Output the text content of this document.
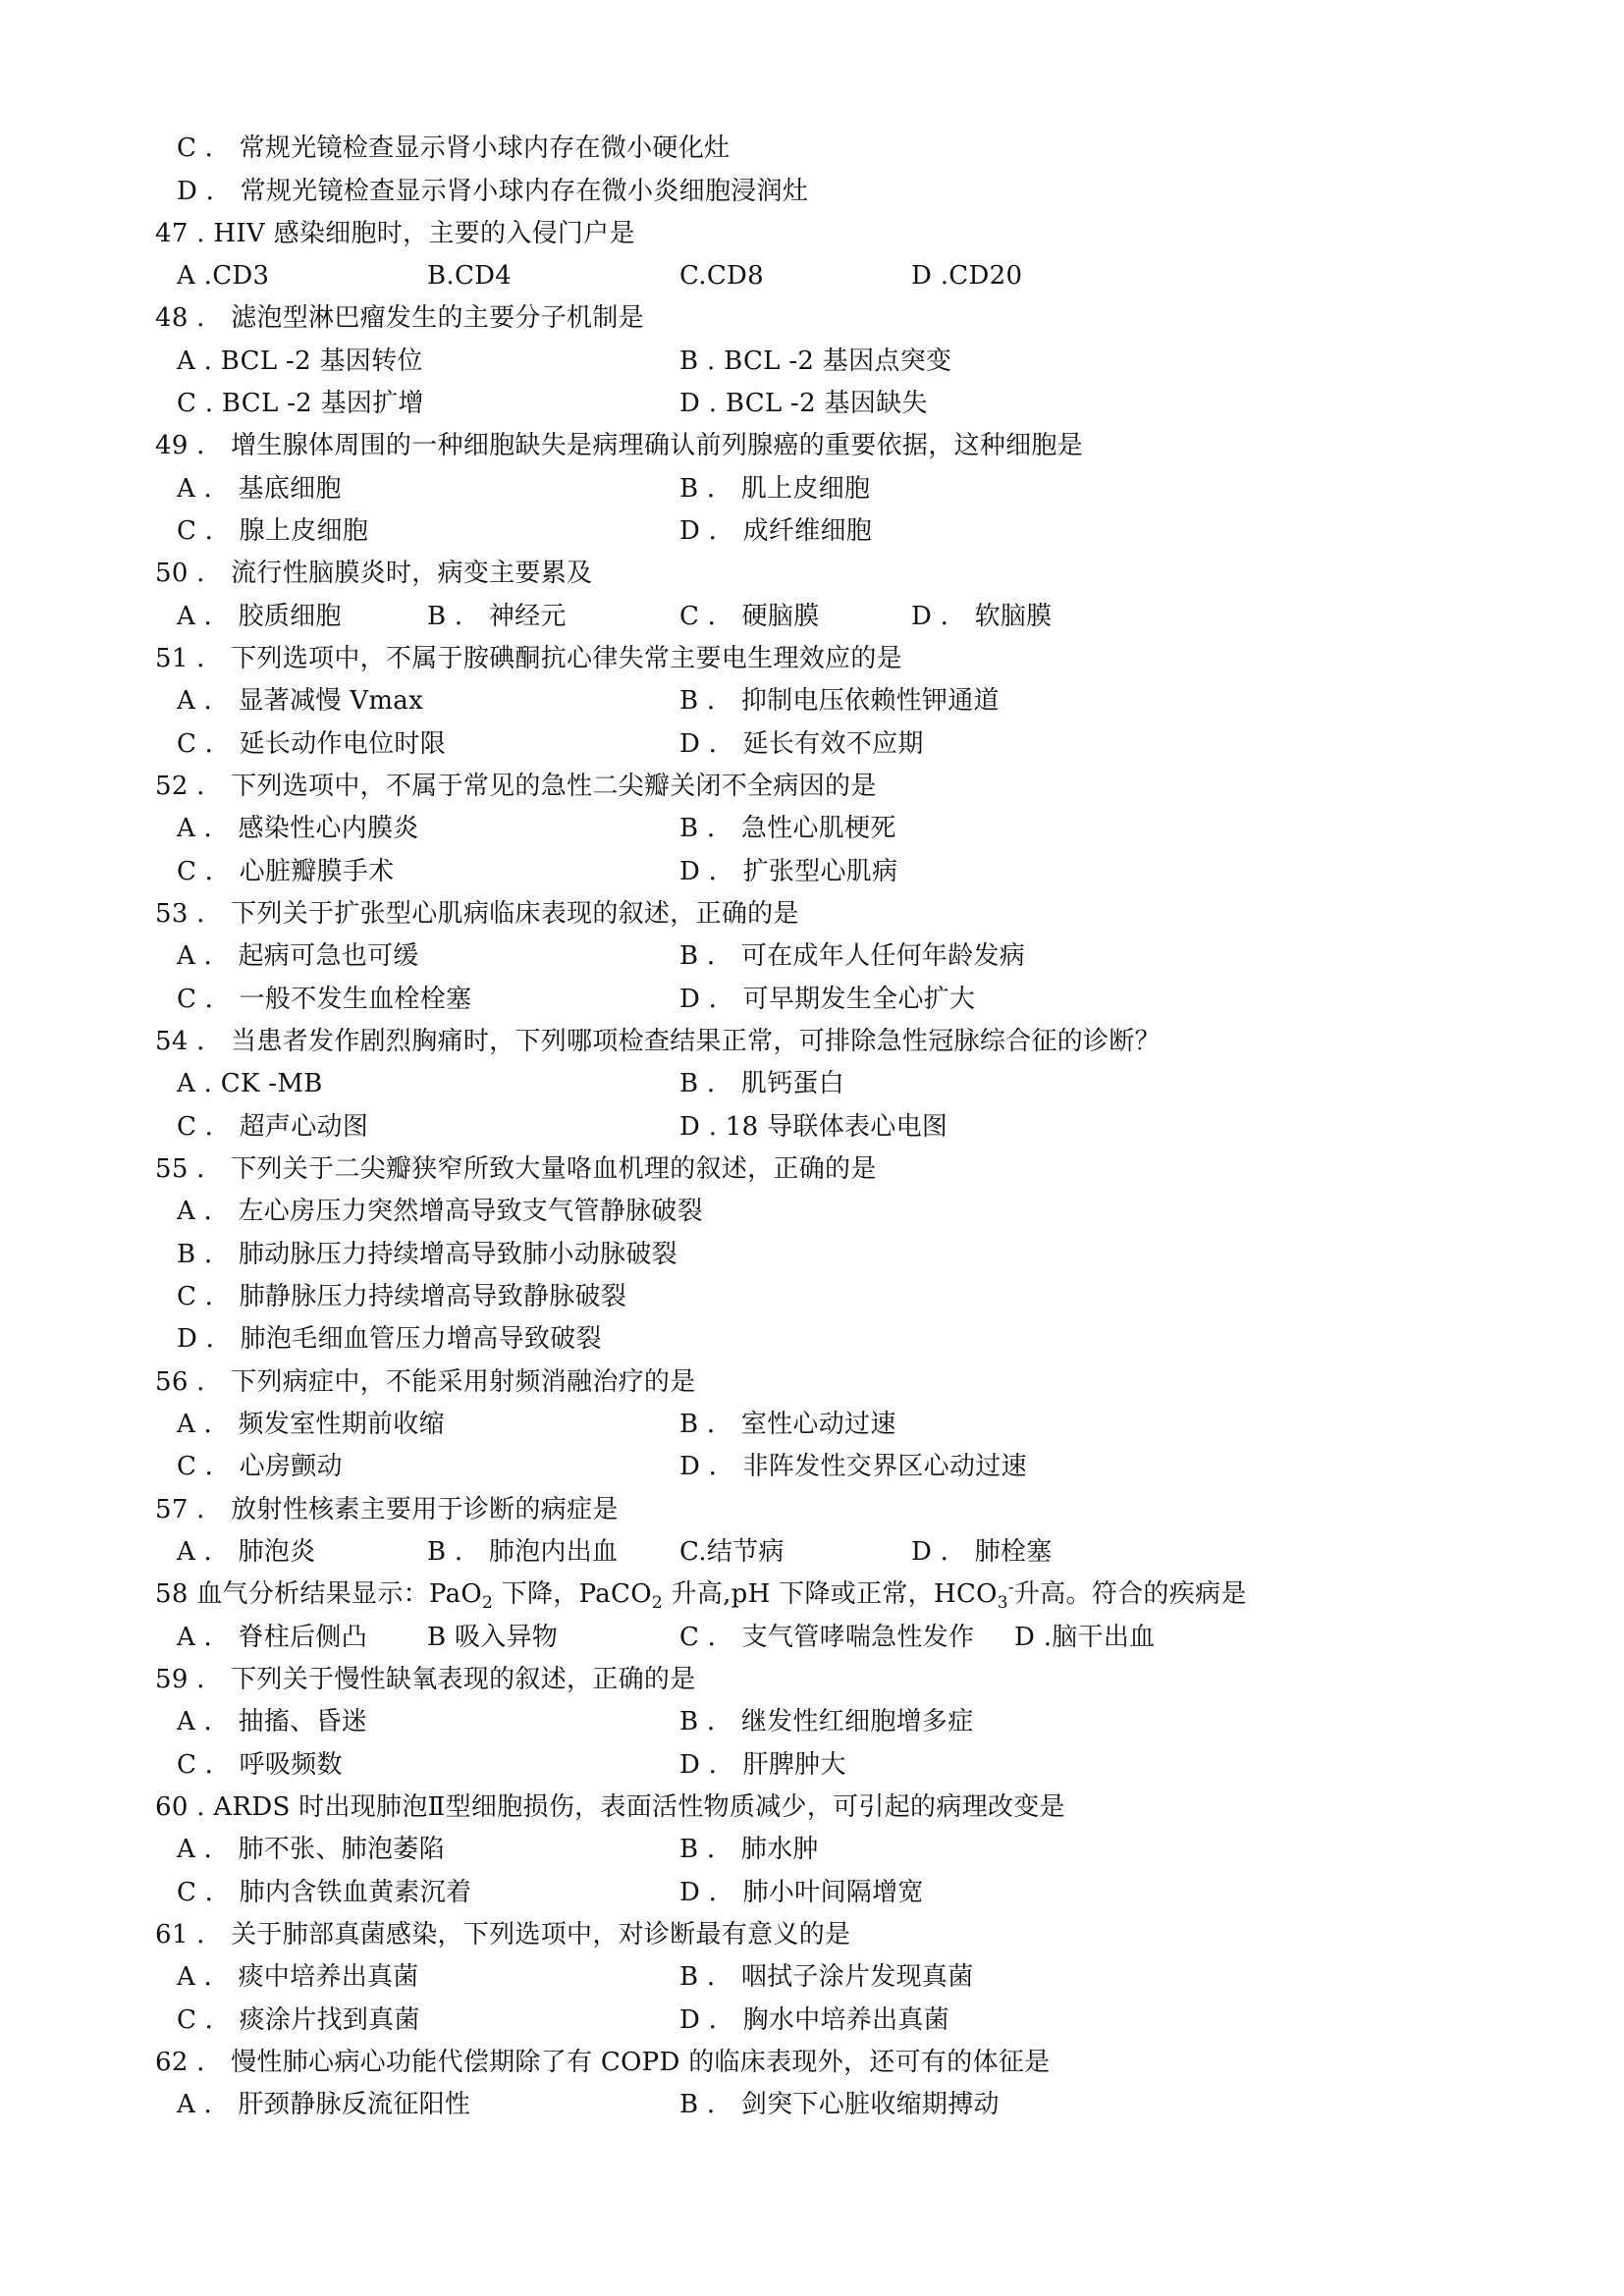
C ． 常规光镜检查显示肾小球内存在微小硬化灶
D ． 常规光镜检查显示肾小球内存在微小炎细胞浸润灶
47 . HIV 感染细胞时，主要的入侵门户是
A .CD3	B.CD4	C.CD8	D .CD20
48 ． 滤泡型淋巴瘤发生的主要分子机制是
A . BCL -2 基因转位	B . BCL -2 基因点突变
C . BCL -2 基因扩增	D . BCL -2 基因缺失
49 ． 增生腺体周围的一种细胞缺失是病理确认前列腺癌的重要依据，这种细胞是
A ． 基底细胞	B ． 肌上皮细胞
C ． 腺上皮细胞	D ． 成纤维细胞
50 ． 流行性脑膜炎时，病变主要累及
A ． 胶质细胞	B ． 神经元	C ． 硬脑膜	D ． 软脑膜
51 ． 下列选项中，不属于胺碘酮抗心律失常主要电生理效应的是
A ． 显著减慢 Vmax	B ． 抑制电压依赖性钾通道
C ． 延长动作电位时限	D ． 延长有效不应期
52 ． 下列选项中，不属于常见的急性二尖瓣关闭不全病因的是
A ． 感染性心内膜炎	B ． 急性心肌梗死
C ． 心脏瓣膜手术	D ． 扩张型心肌病
53 ． 下列关于扩张型心肌病临床表现的叙述，正确的是
A ． 起病可急也可缓	B ． 可在成年人任何年龄发病
C ． 一般不发生血栓栓塞	D ． 可早期发生全心扩大
54 ． 当患者发作剧烈胸痛时，下列哪项检查结果正常，可排除急性冠脉综合征的诊断？
A . CK -MB	B ． 肌钙蛋白
C ． 超声心动图	D . 18 导联体表心电图
55 ． 下列关于二尖瓣狭窄所致大量咯血机理的叙述，正确的是
A ． 左心房压力突然增高导致支气管静脉破裂
B ． 肺动脉压力持续增高导致肺小动脉破裂
C ． 肺静脉压力持续增高导致静脉破裂
D ． 肺泡毛细血管压力增高导致破裂
56 ． 下列病症中，不能采用射频消融治疗的是
A ． 频发室性期前收缩	B ． 室性心动过速
C ． 心房颤动	D ． 非阵发性交界区心动过速
57 ． 放射性核素主要用于诊断的病症是
A ． 肺泡炎	B ． 肺泡内出血 C.结节病	D ． 肺栓塞
58 血气分析结果显示：PaO$_2$ 下降，PaCO$_2$ 升高,pH 下降或正常，$HCO_3^-$升高。符合的疾病是
A ． 脊柱后侧凸 B 吸入异物	C ． 支气管哮喘急性发作 D .脑干出血
59 ． 下列关于慢性缺氧表现的叙述，正确的是
A ． 抽搐、昏迷	B ． 继发性红细胞增多症
C ． 呼吸频数	D ． 肝脾肿大
60 . ARDS 时出现肺泡Ⅱ型细胞损伤，表面活性物质减少，可引起的病理改变是
A ． 肺不张、肺泡萎陷	B ． 肺水肿
C ． 肺内含铁血黄素沉着	D ． 肺小叶间隔增宽
61 ． 关于肺部真菌感染，下列选项中，对诊断最有意义的是
A ． 痰中培养出真菌	B ． 咽拭子涂片发现真菌
C ． 痰涂片找到真菌	D ． 胸水中培养出真菌
62 ． 慢性肺心病心功能代偿期除了有 COPD 的临床表现外，还可有的体征是
A ． 肝颈静脉反流征阳性	B ． 剑突下心脏收缩期搏动
